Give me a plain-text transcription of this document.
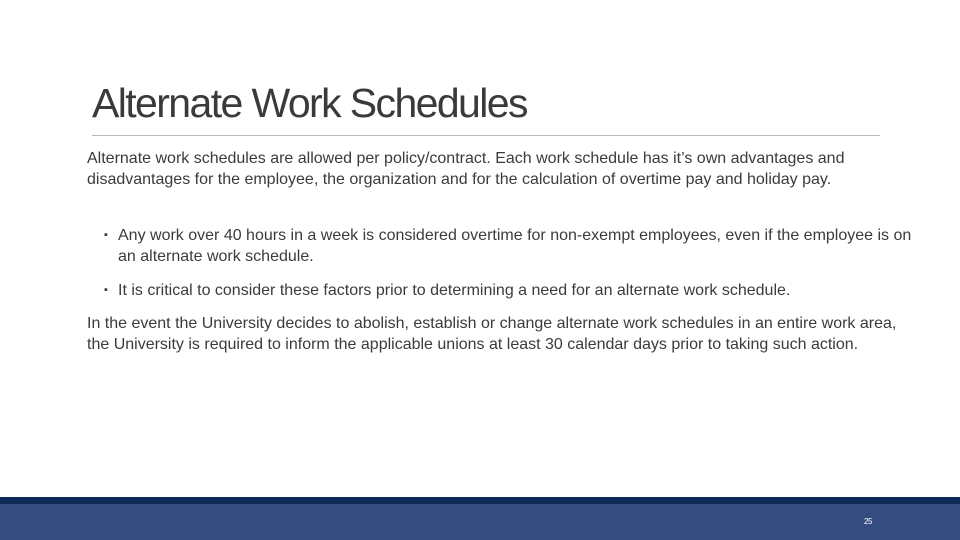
Alternate Work Schedules

Alternate work schedules are allowed per policy/contract. Each work schedule has it’s own advantages and disadvantages for the employee, the organization and for the calculation of overtime pay and holiday pay.

▪ Any work over 40 hours in a week is considered overtime for non-exempt employees, even if the employee is on an alternate work schedule.
▪ It is critical to consider these factors prior to determining a need for an alternate work schedule.

In the event the University decides to abolish, establish or change alternate work schedules in an entire work area, the University is required to inform the applicable unions at least 30 calendar days prior to taking such action.

25
